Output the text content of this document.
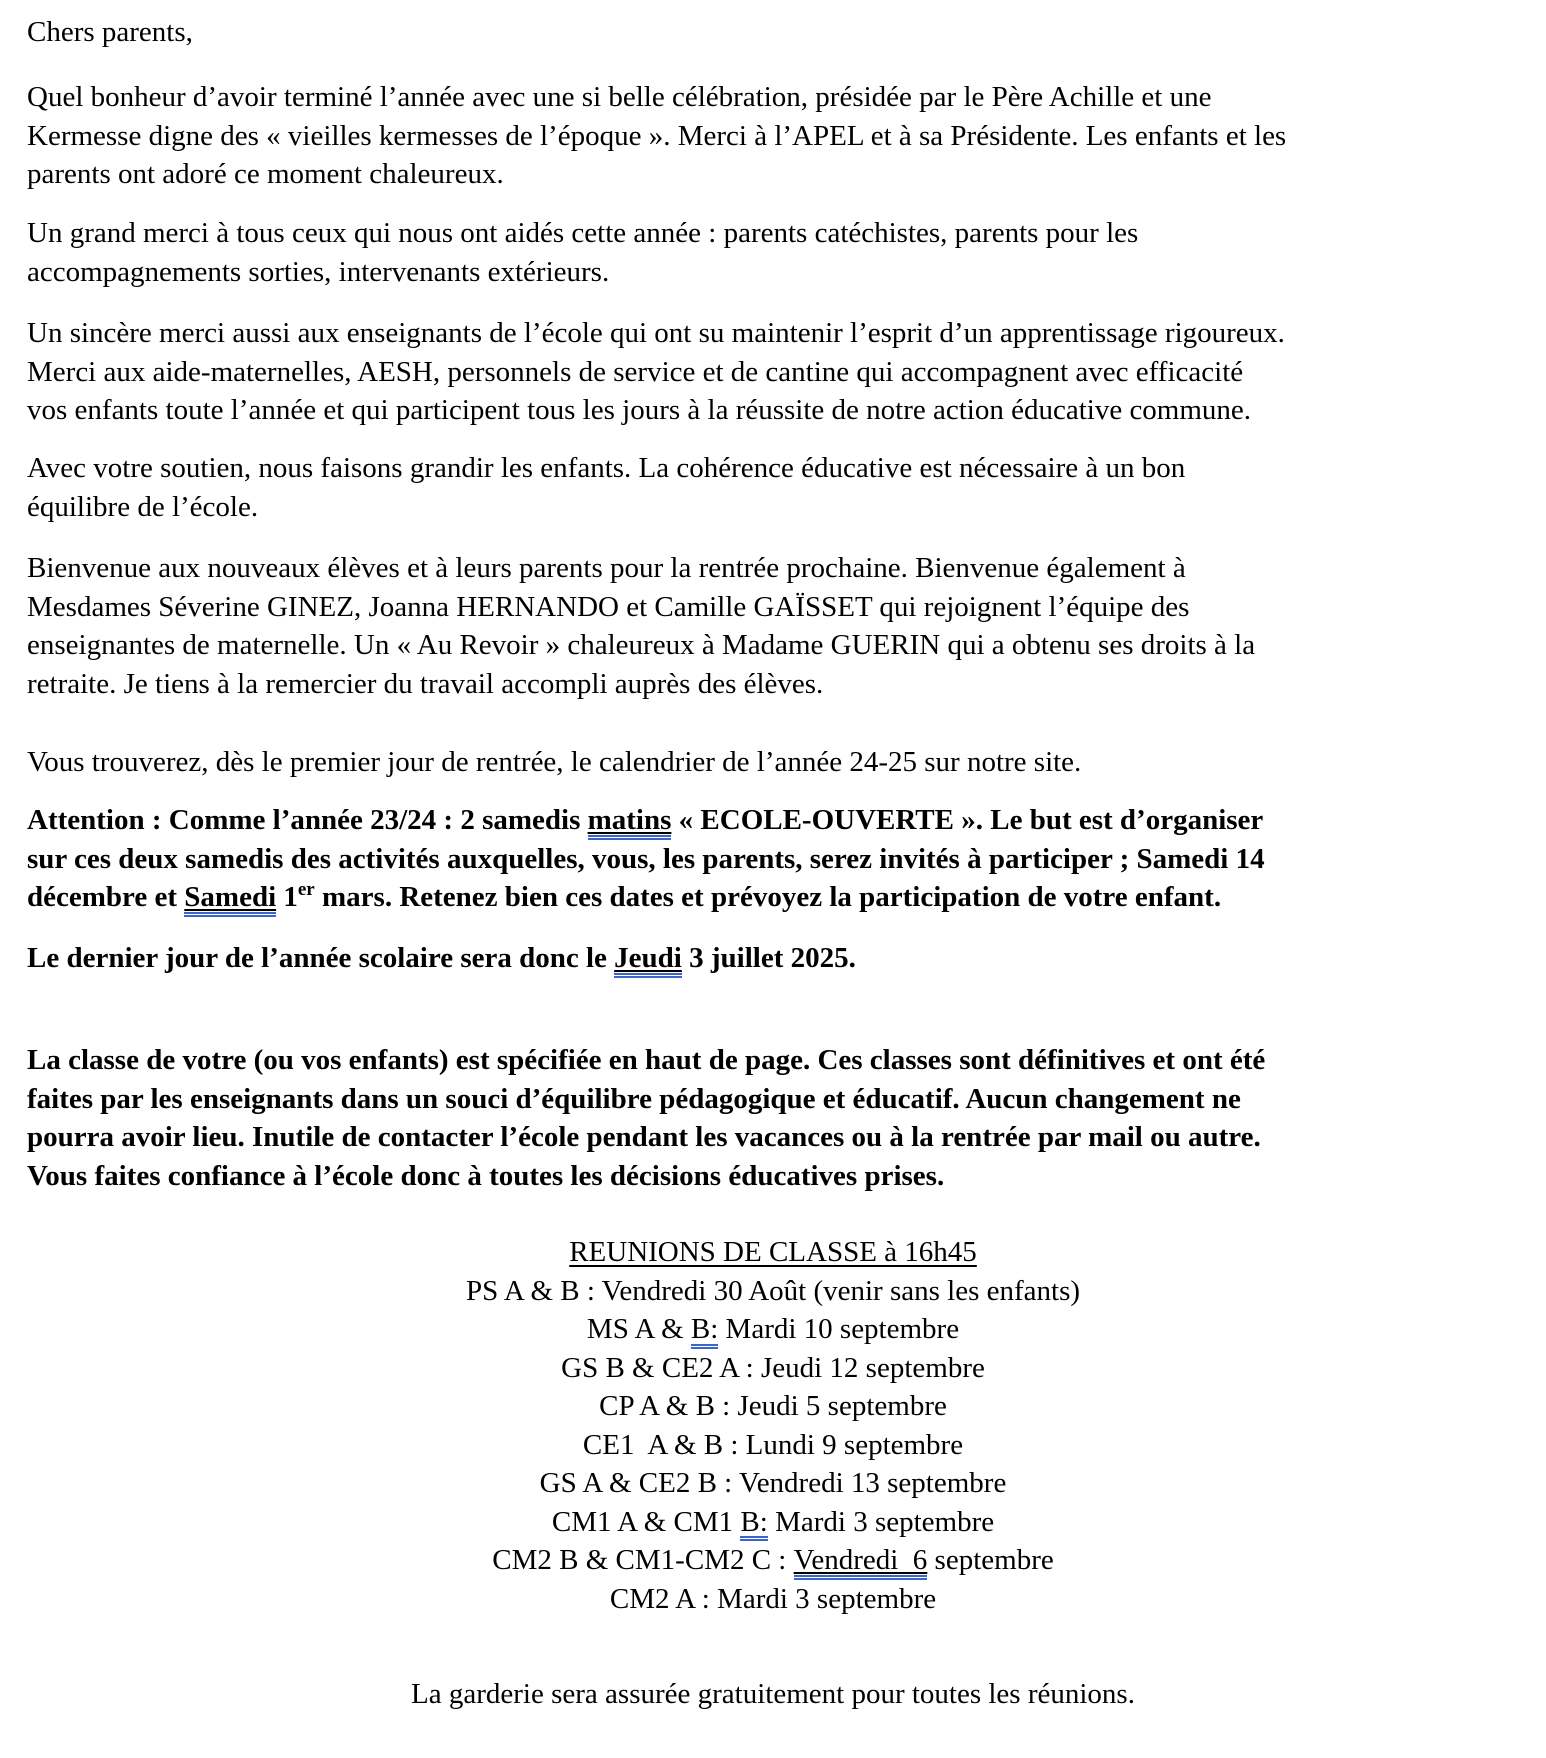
Chers parents,

Quel bonheur d’avoir terminé l’année avec une si belle célébration, présidée par le Père Achille et une
Kermesse digne des « vieilles kermesses de l’époque ». Merci à l’APEL et à sa Présidente. Les enfants et les
parents ont adoré ce moment chaleureux.

Un grand merci à tous ceux qui nous ont aidés cette année : parents catéchistes, parents pour les
accompagnements sorties, intervenants extérieurs.

Un sincère merci aussi aux enseignants de l’école qui ont su maintenir l’esprit d’un apprentissage rigoureux.
Merci aux aide-maternelles, AESH, personnels de service et de cantine qui accompagnent avec efficacité
vos enfants toute l’année et qui participent tous les jours à la réussite de notre action éducative commune.

Avec votre soutien, nous faisons grandir les enfants. La cohérence éducative est nécessaire à un bon
équilibre de l’école.

Bienvenue aux nouveaux élèves et à leurs parents pour la rentrée prochaine. Bienvenue également à
Mesdames Séverine GINEZ, Joanna HERNANDO et Camille GAÏSSET qui rejoignent l’équipe des
enseignantes de maternelle. Un « Au Revoir » chaleureux à Madame GUERIN qui a obtenu ses droits à la
retraite. Je tiens à la remercier du travail accompli auprès des élèves.

Vous trouverez, dès le premier jour de rentrée, le calendrier de l’année 24-25 sur notre site.

Attention : Comme l’année 23/24 : 2 samedis matins « ECOLE-OUVERTE ». Le but est d’organiser
sur ces deux samedis des activités auxquelles, vous, les parents, serez invités à participer ; Samedi 14
décembre et Samedi 1er mars. Retenez bien ces dates et prévoyez la participation de votre enfant.

Le dernier jour de l’année scolaire sera donc le Jeudi 3 juillet 2025.

La classe de votre (ou vos enfants) est spécifiée en haut de page. Ces classes sont définitives et ont été
faites par les enseignants dans un souci d’équilibre pédagogique et éducatif. Aucun changement ne
pourra avoir lieu. Inutile de contacter l’école pendant les vacances ou à la rentrée par mail ou autre.
Vous faites confiance à l’école donc à toutes les décisions éducatives prises.

REUNIONS DE CLASSE à 16h45
PS A & B : Vendredi 30 Août (venir sans les enfants)
MS A & B: Mardi 10 septembre
GS B & CE2 A : Jeudi 12 septembre
CP A & B : Jeudi 5 septembre
CE1  A & B : Lundi 9 septembre
GS A & CE2 B : Vendredi 13 septembre
CM1 A & CM1 B: Mardi 3 septembre
CM2 B & CM1-CM2 C : Vendredi  6 septembre
CM2 A : Mardi 3 septembre
La garderie sera assurée gratuitement pour toutes les réunions.
